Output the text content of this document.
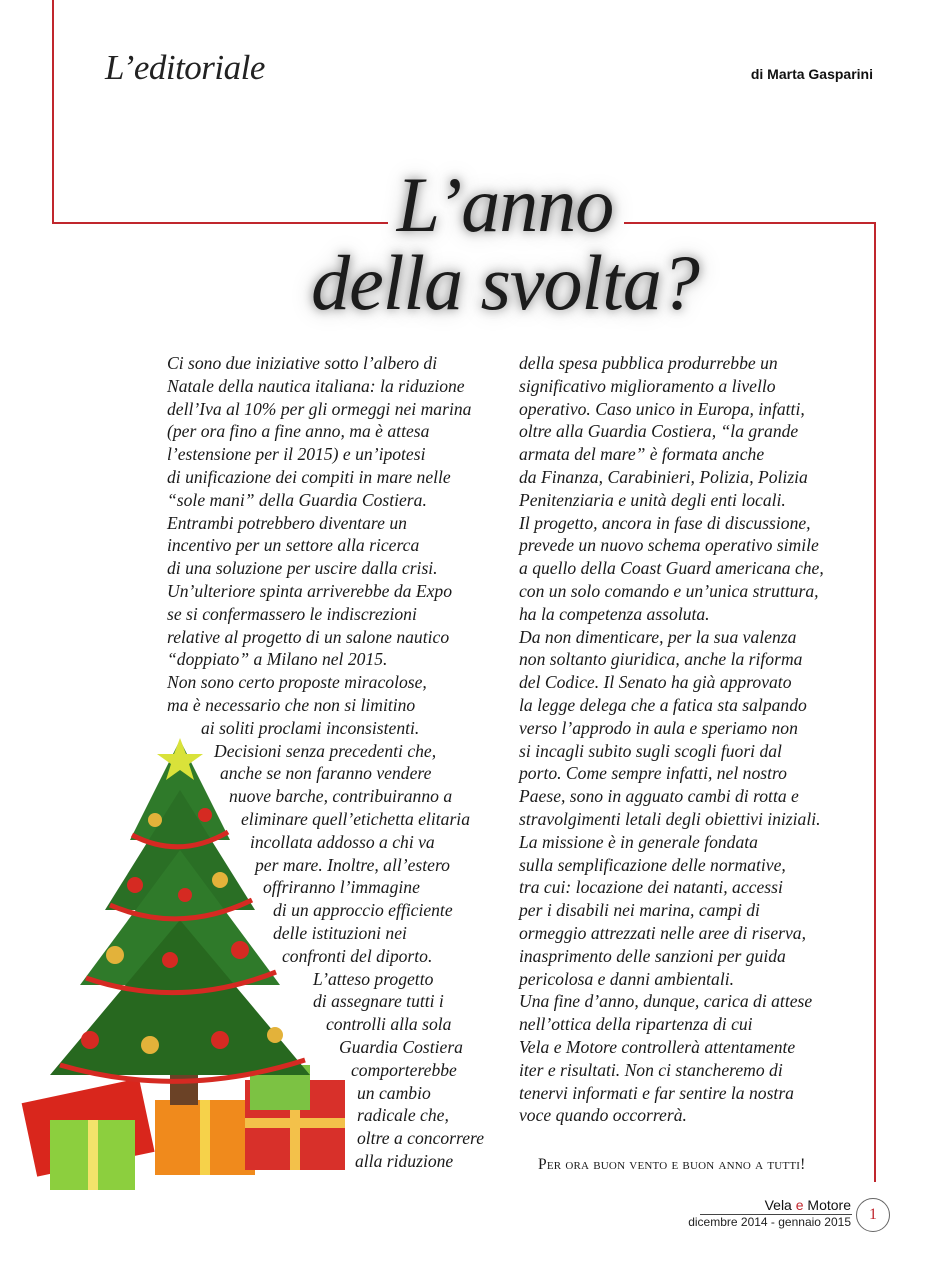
L’editoriale	di Marta Gasparini
L’anno
della svolta?
Ci sono due iniziative sotto l’albero di
Natale della nautica italiana: la riduzione
dell’Iva al 10% per gli ormeggi nei marina
(per ora fino a fine anno, ma è attesa
l’estensione per il 2015) e un’ipotesi
di unificazione dei compiti in mare nelle
“sole mani” della Guardia Costiera.
Entrambi potrebbero diventare un
incentivo per un settore alla ricerca
di una soluzione per uscire dalla crisi.
Un’ulteriore spinta arriverebbe da Expo
se si confermassero le indiscrezioni
relative al progetto di un salone nautico
“doppiato” a Milano nel 2015.
Non sono certo proposte miracolose,
ma è necessario che non si limitino
ai soliti proclami inconsistenti.
Decisioni senza precedenti che,
anche se non faranno vendere
nuove barche, contribuiranno a
eliminare quell’etichetta elitaria
incollata addosso a chi va
per mare. Inoltre, all’estero
offriranno l’immagine
di un approccio efficiente
delle istituzioni nei
confronti del diporto.
L’atteso progetto
di assegnare tutti i
controlli alla sola
Guardia Costiera
comporterebbe
un cambio
radicale che,
oltre a concorrere
alla riduzione
della spesa pubblica produrrebbe un
significativo miglioramento a livello
operativo. Caso unico in Europa, infatti,
oltre alla Guardia Costiera, “la grande
armata del mare” è formata anche
da Finanza, Carabinieri, Polizia, Polizia
Penitenziaria e unità degli enti locali.
Il progetto, ancora in fase di discussione,
prevede un nuovo schema operativo simile
a quello della Coast Guard americana che,
con un solo comando e un’unica struttura,
ha la competenza assoluta.
Da non dimenticare, per la sua valenza
non soltanto giuridica, anche la riforma
del Codice. Il Senato ha già approvato
la legge delega che a fatica sta salpando
verso l’approdo in aula e speriamo non
si incagli subito sugli scogli fuori dal
porto. Come sempre infatti, nel nostro
Paese, sono in agguato cambi di rotta e
stravolgimenti letali degli obiettivi iniziali.
La missione è in generale fondata
sulla semplificazione delle normative,
tra cui: locazione dei natanti, accessi
per i disabili nei marina, campi di
ormeggio attrezzati nelle aree di riserva,
inasprimento delle sanzioni per guida
pericolosa e danni ambientali.
Una fine d’anno, dunque, carica di attese
nell’ottica della ripartenza di cui
Vela e Motore controllerà attentamente
iter e risultati. Non ci stancheremo di
tenervi informati e far sentire la nostra
voce quando occorrerà.
Per ora buon vento e buon anno a tutti!
Vela e Motore
dicembre 2014 - gennaio 2015	1
